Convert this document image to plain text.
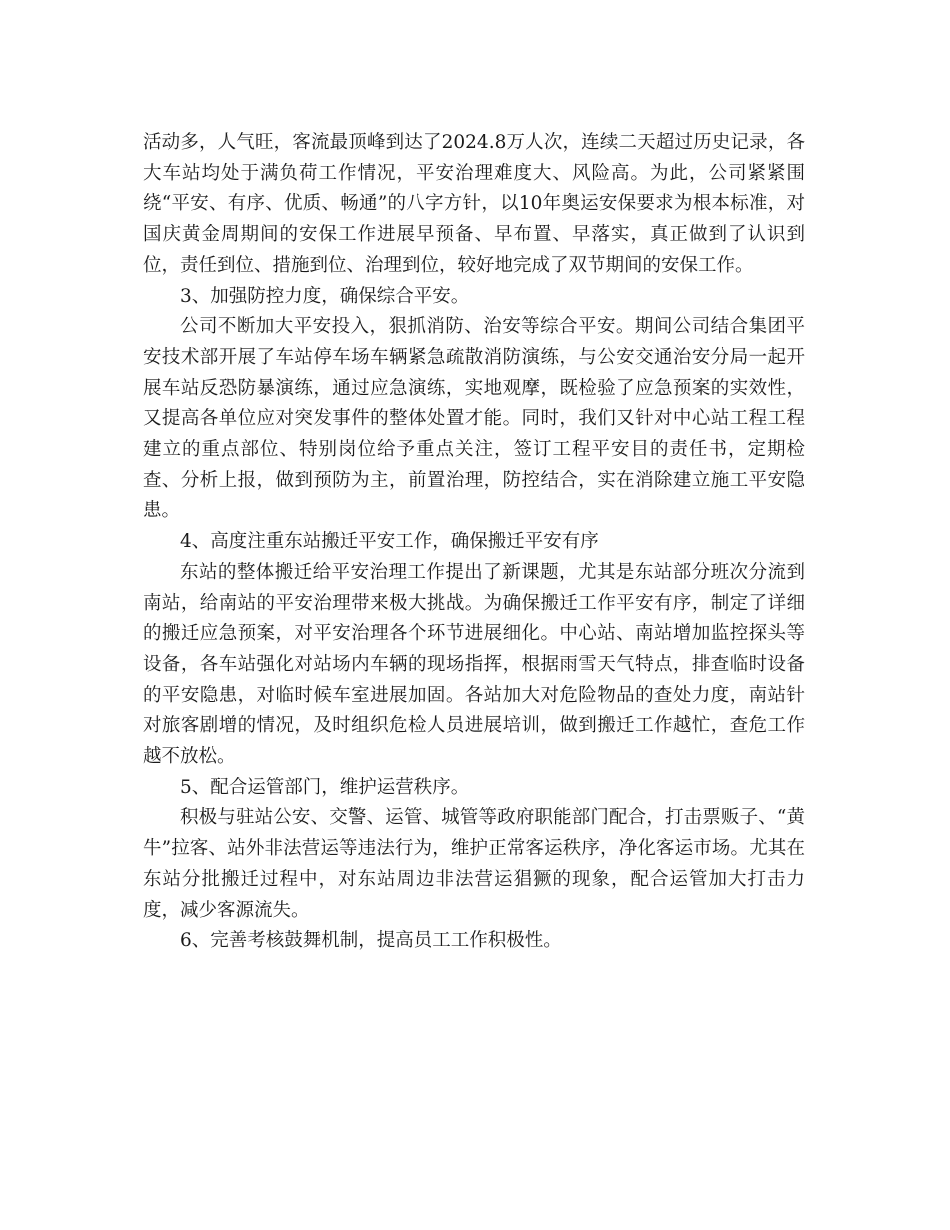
活动多，人气旺，客流最顶峰到达了2024.8万人次，连续二天超过历史记录，各大车站均处于满负荷工作情况，平安治理难度大、风险高。为此，公司紧紧围绕“平安、有序、优质、畅通”的八字方针，以10年奥运安保要求为根本标准，对国庆黄金周期间的安保工作进展早预备、早布置、早落实，真正做到了认识到位，责任到位、措施到位、治理到位，较好地完成了双节期间的安保工作。

3、加强防控力度，确保综合平安。

公司不断加大平安投入，狠抓消防、治安等综合平安。期间公司结合集团平安技术部开展了车站停车场车辆紧急疏散消防演练，与公安交通治安分局一起开展车站反恐防暴演练，通过应急演练，实地观摩，既检验了应急预案的实效性，又提高各单位应对突发事件的整体处置才能。同时，我们又针对中心站工程工程建立的重点部位、特别岗位给予重点关注，签订工程平安目的责任书，定期检查、分析上报，做到预防为主，前置治理，防控结合，实在消除建立施工平安隐患。

4、高度注重东站搬迁平安工作，确保搬迁平安有序

东站的整体搬迁给平安治理工作提出了新课题，尤其是东站部分班次分流到南站，给南站的平安治理带来极大挑战。为确保搬迁工作平安有序，制定了详细的搬迁应急预案，对平安治理各个环节进展细化。中心站、南站增加监控探头等设备，各车站强化对站场内车辆的现场指挥，根据雨雪天气特点，排查临时设备的平安隐患，对临时候车室进展加固。各站加大对危险物品的查处力度，南站针对旅客剧增的情况，及时组织危检人员进展培训，做到搬迁工作越忙，查危工作越不放松。

5、配合运管部门，维护运营秩序。

积极与驻站公安、交警、运管、城管等政府职能部门配合，打击票贩子、“黄牛”拉客、站外非法营运等违法行为，维护正常客运秩序，净化客运市场。尤其在东站分批搬迁过程中，对东站周边非法营运猖獗的现象，配合运管加大打击力度，减少客源流失。

6、完善考核鼓舞机制，提高员工工作积极性。
